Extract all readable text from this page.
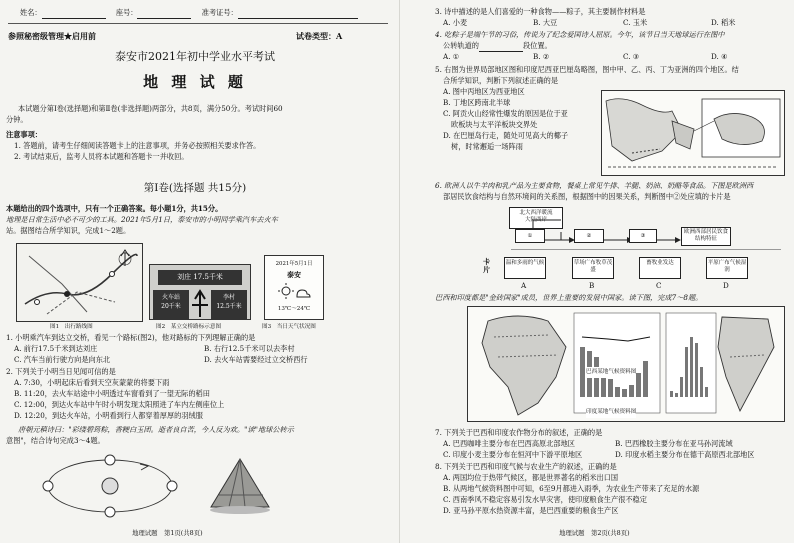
姓名：	座号：	准考证号：
参照秘密级管理★启用前	试卷类型：A
泰安市2021年初中学业水平考试
地 理 试 题
本试题分第Ⅰ卷(选择题)和第Ⅱ卷(非选择题)两部分，共8页，满分50分。考试时间60
分钟。
注意事项：
1. 答题前，请考生仔细阅读答题卡上的注意事项，并务必按照相关要求作答。
2. 考试结束后，监考人员将本试题和答题卡一并收回。
第Ⅰ卷(选择题 共15分)
本题给出的四个选项中，只有一个正确答案。每小题1分，共15分。
地理是日常生活中必不可少的工具。2021年5月1日，泰安市的小明同学乘汽车去火车
站。据图结合所学知识，完成1～2题。
图1　出行路线图
刘庄 17.5千米
火车站
20千米
李村
12.5千米
图2　某立交桥路标示意图
2021年5月1日
泰安
13℃～24℃
图3　当日天气状况图
1. 小明乘汽车到达立交桥，看见一个路标(图2)，他对路标的下列理解正确的是
A. 前行17.5千米到达刘庄	B. 右行12.5千米可以去李村
C. 汽车当前行驶方向是向东北	D. 去火车站需要经过立交桥西行
2. 下列关于小明当日见闻可信的是
A. 7:30，小明起床后看到天空灰蒙蒙的将要下雨
B. 11:20，去火车站途中小明透过车窗看到了一望无际的稻田
C. 12:00，到达火车站中午时小明发现太阳照进了车内左侧座位上
D. 12:20，到达火车站，小明看到行人都穿着厚厚的羽绒服
唐朝元稹诗曰："彩缕碧筠粽，香粳白玉团。逝者良自苦，今人反为欢。"读"地球公转示
意图"，结合诗句完成3～4题。
地理试题　第1页(共8页)
3. 诗中描述的是人们喜爱的一种食物——粽子，其主要制作材料是
A. 小麦	B. 大豆	C. 玉米	D. 稻米
4. 吃粽子是端午节的习俗，传说为了纪念爱国诗人屈原。今年，该节日当天地球运行在图中
公转轨道的	段位置。
A. ①	B. ②	C. ③	D. ④
5. 右图为世界局部地区图和印度尼西亚巴厘岛略图，图中甲、乙、丙、丁为亚洲的四个地区。结
合所学知识，判断下列叙述正确的是
A. 图中丙地区为西亚地区
B. 丁地区跨南北半球
C. 阿贡火山经常性爆发的原因是位于亚
欧板块与太平洋板块交界处
D. 在巴厘岛行走，随处可见高大的椰子
树，时常邂逅一场阵雨
6. 欧洲人以牛羊肉和乳产品为主要食物，餐桌上常见牛排、羊腿、奶油、奶酪等食品。下图是欧洲西
部居民饮食结构与自然环境间的关系图，根据图中的因果关系，判断图中②处应填的卡片是
北大西洋暖流
大陆西岸
①	②	③
欧洲西部居民饮食结构特征
卡片
温和多雨的气候	草场广布牧草茂盛
畜牧业发达	平原广布气候湿润
A	B	C	D
巴西和印度都是"金砖国家"成员，世界上重要的发展中国家。读下图，完成7～8题。
巴西某地气候资料图
印度某地气候资料图
7. 下列关于巴西和印度农作物分布的叙述，正确的是
A. 巴西咖啡主要分布在巴西高原北部地区	B. 巴西橡胶主要分布在亚马孙河流域
C. 印度小麦主要分布在恒河中下游平原地区	D. 印度水稻主要分布在德干高原西北部地区
8. 下列关于巴西和印度气候与农业生产的叙述，正确的是
A. 两国均位于热带气候区，都是世界著名的稻米出口国
B. 从两地气候资料图中可知，6至9月都进入雨季，为农业生产带来了充足的水源
C. 西南季风不稳定容易引发水旱灾害，使印度粮食生产很不稳定
D. 亚马孙平原水热资源丰富，是巴西重要的粮食生产区
地理试题　第2页(共8页)
